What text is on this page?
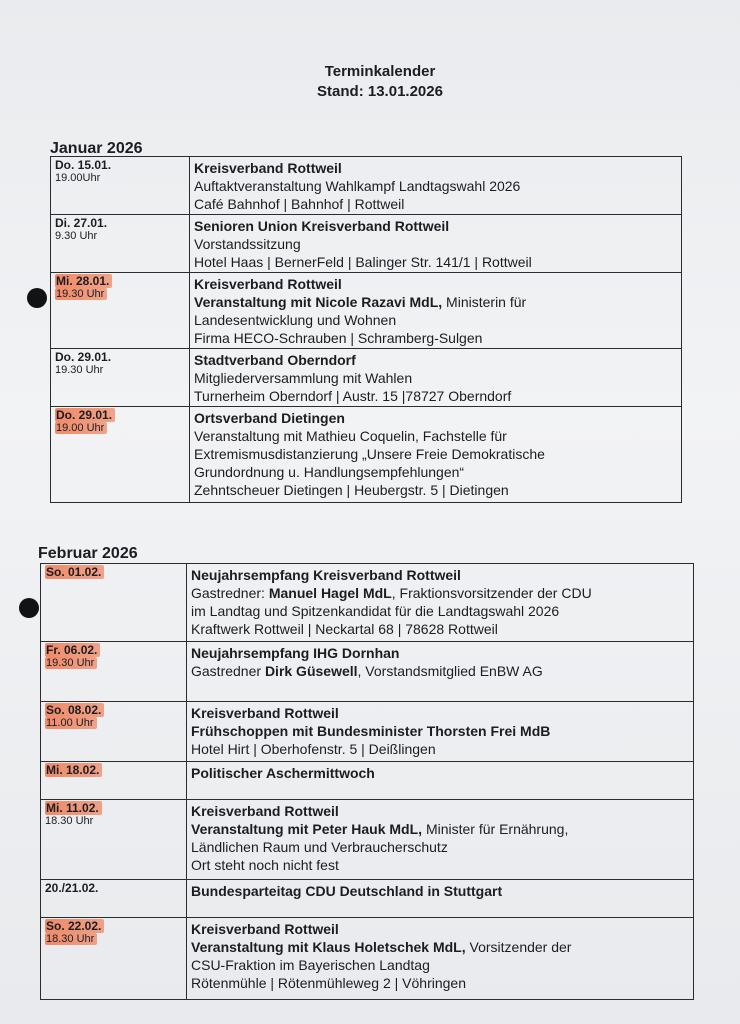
Terminkalender
Stand: 13.01.2026
Januar 2026
Do. 15.01.
19.00Uhr	Kreisverband Rottweil
Auftaktveranstaltung Wahlkampf Landtagswahl 2026
Café Bahnhof | Bahnhof | Rottweil

Di. 27.01.
9.30 Uhr	Senioren Union Kreisverband Rottweil
Vorstandssitzung
Hotel Haas | BernerFeld | Balinger Str. 141/1 | Rottweil

Mi. 28.01.
19.30 Uhr	Kreisverband Rottweil
Veranstaltung mit Nicole Razavi MdL, Ministerin für
Landesentwicklung und Wohnen
Firma HECO-Schrauben | Schramberg-Sulgen

Do. 29.01.
19.30 Uhr	Stadtverband Oberndorf
Mitgliederversammlung mit Wahlen
Turnerheim Oberndorf | Austr. 15 |78727 Oberndorf

Do. 29.01.
19.00 Uhr	Ortsverband Dietingen
Veranstaltung mit Mathieu Coquelin, Fachstelle für
Extremismusdistanzierung „Unsere Freie Demokratische
Grundordnung u. Handlungsempfehlungen“
Zehntscheuer Dietingen | Heubergstr. 5 | Dietingen
Februar 2026
So. 01.02.	Neujahrsempfang Kreisverband Rottweil
Gastredner: Manuel Hagel MdL, Fraktionsvorsitzender der CDU
im Landtag und Spitzenkandidat für die Landtagswahl 2026
Kraftwerk Rottweil | Neckartal 68 | 78628 Rottweil

Fr. 06.02.
19.30 Uhr	Neujahrsempfang IHG Dornhan
Gastredner Dirk Güsewell, Vorstandsmitglied EnBW AG

So. 08.02.
11.00 Uhr	Kreisverband Rottweil
Frühschoppen mit Bundesminister Thorsten Frei MdB
Hotel Hirt | Oberhofenstr. 5 | Deißlingen

Mi. 18.02.	Politischer Aschermittwoch

Mi. 11.02.
18.30 Uhr	Kreisverband Rottweil
Veranstaltung mit Peter Hauk MdL, Minister für Ernährung,
Ländlichen Raum und Verbraucherschutz
Ort steht noch nicht fest

20./21.02.	Bundesparteitag CDU Deutschland in Stuttgart

So. 22.02.
18.30 Uhr	Kreisverband Rottweil
Veranstaltung mit Klaus Holetschek MdL, Vorsitzender der
CSU-Fraktion im Bayerischen Landtag
Rötenmühle | Rötenmühleweg 2 | Vöhringen
